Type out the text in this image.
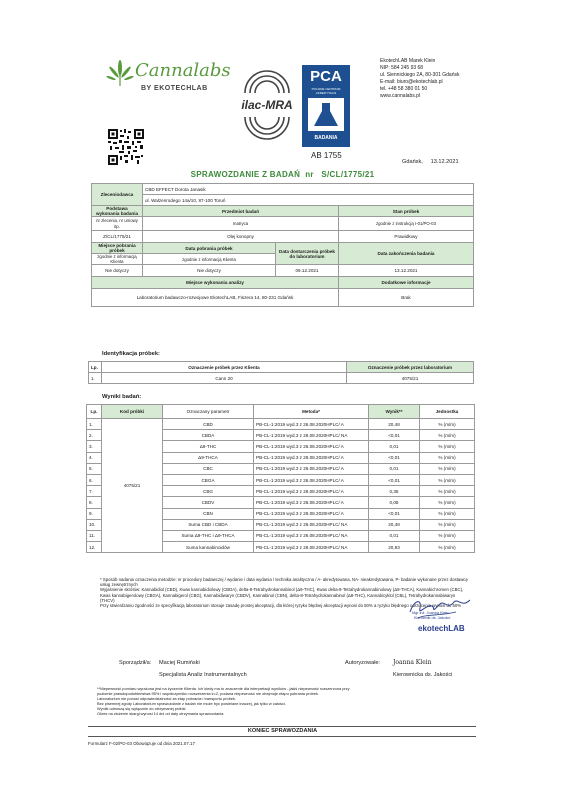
Cannalabs
BY EKOTECHLAB
ilac-MRA
PCA
POLSKIE CENTRUM
AKREDYTACJI
BADANIA
AB 1755
EkotechLAB Marek Klein
NIP: 584 245 93 68
ul. Siennickiego 2A, 80-301 Gdańsk
E-mail: biuro@ekotechlab.pl
tel. +48 58 380 01 50
www.cannalabs.pl
Gdańsk,     13.12.2021
SPRAWOZDANIE Z BADAŃ  nr   S/CL/1775/21
Zleceniodawca	CBD EFFECT Dorota Janasik		
	ul. Walzenrodego 14a/10, 87-100 Toruń		
Podstawa wykonania badania	Przedmiot badań		Stan próbek
nr zlecenia, nr umowy itp.	matryca		zgodnie z instrukcją I-01/PO-03
Z/CL/1775/21	Olej konopny		Prawidłowy
Miejsce pobrania próbek	Data pobrania próbek	Data dostarczenia próbek do laboratorium	Data zakończenia badania
zgodnie z informacją Klienta	zgodnie z informacją Klienta		
Nie dotyczy	Nie dotyczy	09.12.2021	13.12.2021
Miejsce wykonania analizy			Dodatkowe informacje
Laboratorium badawczo-rozwojowe EkotechLAB, Fiszera 14, 80-231 Gdańsk			Brak
Identyfikacja próbek:
Lp.	Oznaczenie próbek przez Klienta	Oznaczenie próbek przez laboratorium
1.	Cann 20	4075/21
Wyniki badań:
Lp.	Kod próbki	Oznaczany parametr	Metoda*	Wynik**	Jednostka
1.	4075/21	CBD	PB-CL-1:2019 wyd.3 z 26.08.2020HPLC/ A	20,48	% (m/m)
2.		CBDA	PB-CL-1:2019 wyd.3 z 26.08.2020HPLC/ NA	<0,01	% (m/m)
3.		Δ9-THC	PB-CL-1:2019 wyd.3 z 26.08.2020HPLC/ A	0,01	% (m/m)
4.		Δ9-THCA	PB-CL-1:2019 wyd.3 z 26.08.2020HPLC/ A	<0,01	% (m/m)
5.		CBC	PB-CL-1:2019 wyd.3 z 26.08.2020HPLC/ A	0,01	% (m/m)
6.		CBGA	PB-CL-1:2019 wyd.3 z 26.08.2020HPLC/ A	<0,01	% (m/m)
7.		CBG	PB-CL-1:2019 wyd.3 z 26.08.2020HPLC/ A	0,35	% (m/m)
8.		CBDV	PB-CL-1:2019 wyd.3 z 26.08.2020HPLC/ A	0,08	% (m/m)
9.		CBN	PB-CL-1:2019 wyd.3 z 26.08.2020HPLC/ A	<0,01	% (m/m)
10.		Suma CBD i CBDA	PB-CL-1:2019 wyd.3 z 26.08.2020HPLC/ NA	20,48	% (m/m)
11.		Suma Δ9-THC i Δ9-THCA	PB-CL-1:2019 wyd.3 z 26.08.2020HPLC/ NA	0,01	% (m/m)
12.		Suma kannabinoidów	PB-CL-1:2019 wyd.3 z 26.08.2020HPLC/ NA	20,93	% (m/m)
* Sposób nadania oznaczenia metodzie: nr procedury badawczej / wydanie / data wydania / technika analityczna / A- akredytowana, NA- nieakredytowana, P- badanie wykonane przez dostawcę usług zewnętrznych
Wyjaśnienie skrótów: Kannabidiol (CBD), Kwas kannabidiolowy (CBDA), delta-9-Tetrahydrokannabinol (Δ9-THC), Kwas delta-9-Tetrahydrokannabinolowy (Δ9-THCA), Kannabichromen (CBC), Kwas kannabigerolowy (CBGA), Kannabigerol (CBG), Kannabidiwaryn (CBDV), Kannabinol (CBN), delta-8-Tetrahydrokannabinol (Δ8-THC), Kannabicyklol (CBL), Tetrahydrokannabiwaryn (THCV)
Przy stwierdzaniu zgodności ze specyfikacją laboratorium stosuje zasadę prostej akceptacji, dla której ryzyko błędnej akceptacji wynosi do 50% a ryzyko błędnego odrzucenia wynosi do 50%
Mgr inż. Joanna Klein
Kierownik ds. Jakości
ekotechLAB
Sporządził/a: Maciej Rumiński
Specjalista Analiz Instrumentalnych
Autoryzowałe: Joanna Klein
Kierownicka ds. Jakości
**Niepewność pomiaru wyrażona jest na życzenie Klienta. Ich kiedy ma to znaczenie dla interpretacji wyników - jakiś niepewność rozszerzona przy
poziomie prawdopodobieństwa 95% i współczynniku rozszerzenia k=2, podana niepewność nie obejmuje etapu pobrania próbek.
Laboratorium nie ponosi odpowiedzialności za etap pobrania i transportu próbek.
Bez pisemnej zgody Laboratorium sprawozdanie z badań nie może być powielane inaczej, jak tylko w całości.
Wyniki odnoszą się wyłącznie do otrzymanej próbki.
Okres na złożenie skargi wynosi 14 dni od daty otrzymania sprawozdania.
KONIEC SPRAWOZDANIA
Formularz F-02/PO-03 Obowiązuje od dnia 2021.07.17
